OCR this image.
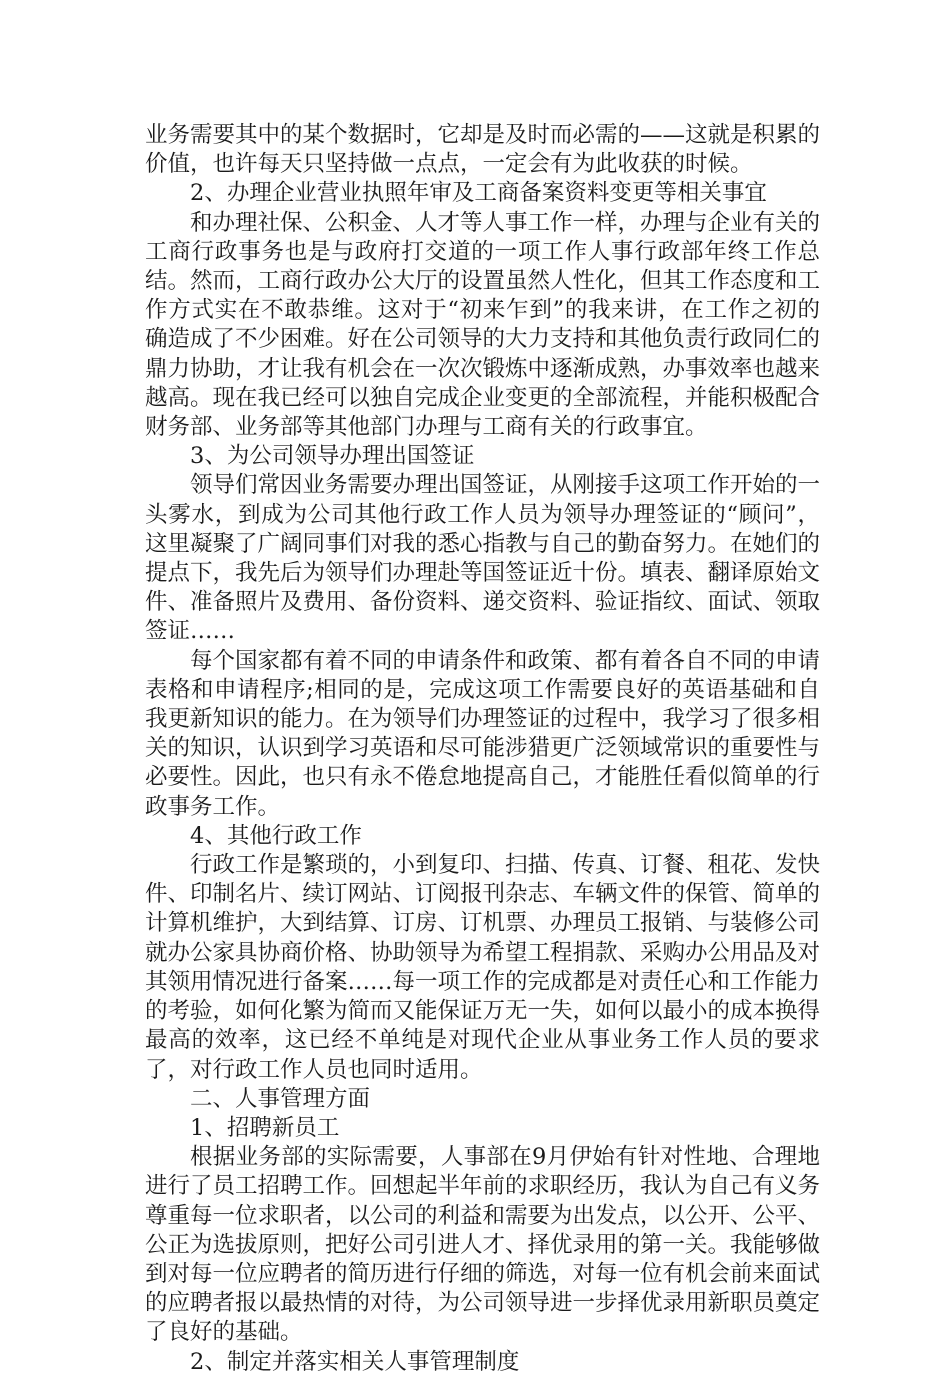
业务需要其中的某个数据时，它却是及时而必需的——这就是积累的价值，也许每天只坚持做一点点，一定会有为此收获的时候。

2、办理企业营业执照年审及工商备案资料变更等相关事宜

和办理社保、公积金、人才等人事工作一样，办理与企业有关的工商行政事务也是与政府打交道的一项工作人事行政部年终工作总结。然而，工商行政办公大厅的设置虽然人性化，但其工作态度和工作方式实在不敢恭维。这对于“初来乍到”的我来讲，在工作之初的确造成了不少困难。好在公司领导的大力支持和其他负责行政同仁的鼎力协助，才让我有机会在一次次锻炼中逐渐成熟，办事效率也越来越高。现在我已经可以独自完成企业变更的全部流程，并能积极配合财务部、业务部等其他部门办理与工商有关的行政事宜。

3、为公司领导办理出国签证

领导们常因业务需要办理出国签证，从刚接手这项工作开始的一头雾水，到成为公司其他行政工作人员为领导办理签证的“顾问”，这里凝聚了广阔同事们对我的悉心指教与自己的勤奋努力。在她们的提点下，我先后为领导们办理赴等国签证近十份。填表、翻译原始文件、准备照片及费用、备份资料、递交资料、验证指纹、面试、领取签证……

每个国家都有着不同的申请条件和政策、都有着各自不同的申请表格和申请程序;相同的是，完成这项工作需要良好的英语基础和自我更新知识的能力。在为领导们办理签证的过程中，我学习了很多相关的知识，认识到学习英语和尽可能涉猎更广泛领域常识的重要性与必要性。因此，也只有永不倦怠地提高自己，才能胜任看似简单的行政事务工作。

4、其他行政工作

行政工作是繁琐的，小到复印、扫描、传真、订餐、租花、发快件、印制名片、续订网站、订阅报刊杂志、车辆文件的保管、简单的计算机维护，大到结算、订房、订机票、办理员工报销、与装修公司就办公家具协商价格、协助领导为希望工程捐款、采购办公用品及对其领用情况进行备案……每一项工作的完成都是对责任心和工作能力的考验，如何化繁为简而又能保证万无一失，如何以最小的成本换得最高的效率，这已经不单纯是对现代企业从事业务工作人员的要求了，对行政工作人员也同时适用。

二、人事管理方面

1、招聘新员工

根据业务部的实际需要，人事部在9月伊始有针对性地、合理地进行了员工招聘工作。回想起半年前的求职经历，我认为自己有义务尊重每一位求职者，以公司的利益和需要为出发点，以公开、公平、公正为选拔原则，把好公司引进人才、择优录用的第一关。我能够做到对每一位应聘者的简历进行仔细的筛选，对每一位有机会前来面试的应聘者报以最热情的对待，为公司领导进一步择优录用新职员奠定了良好的基础。

2、制定并落实相关人事管理制度
